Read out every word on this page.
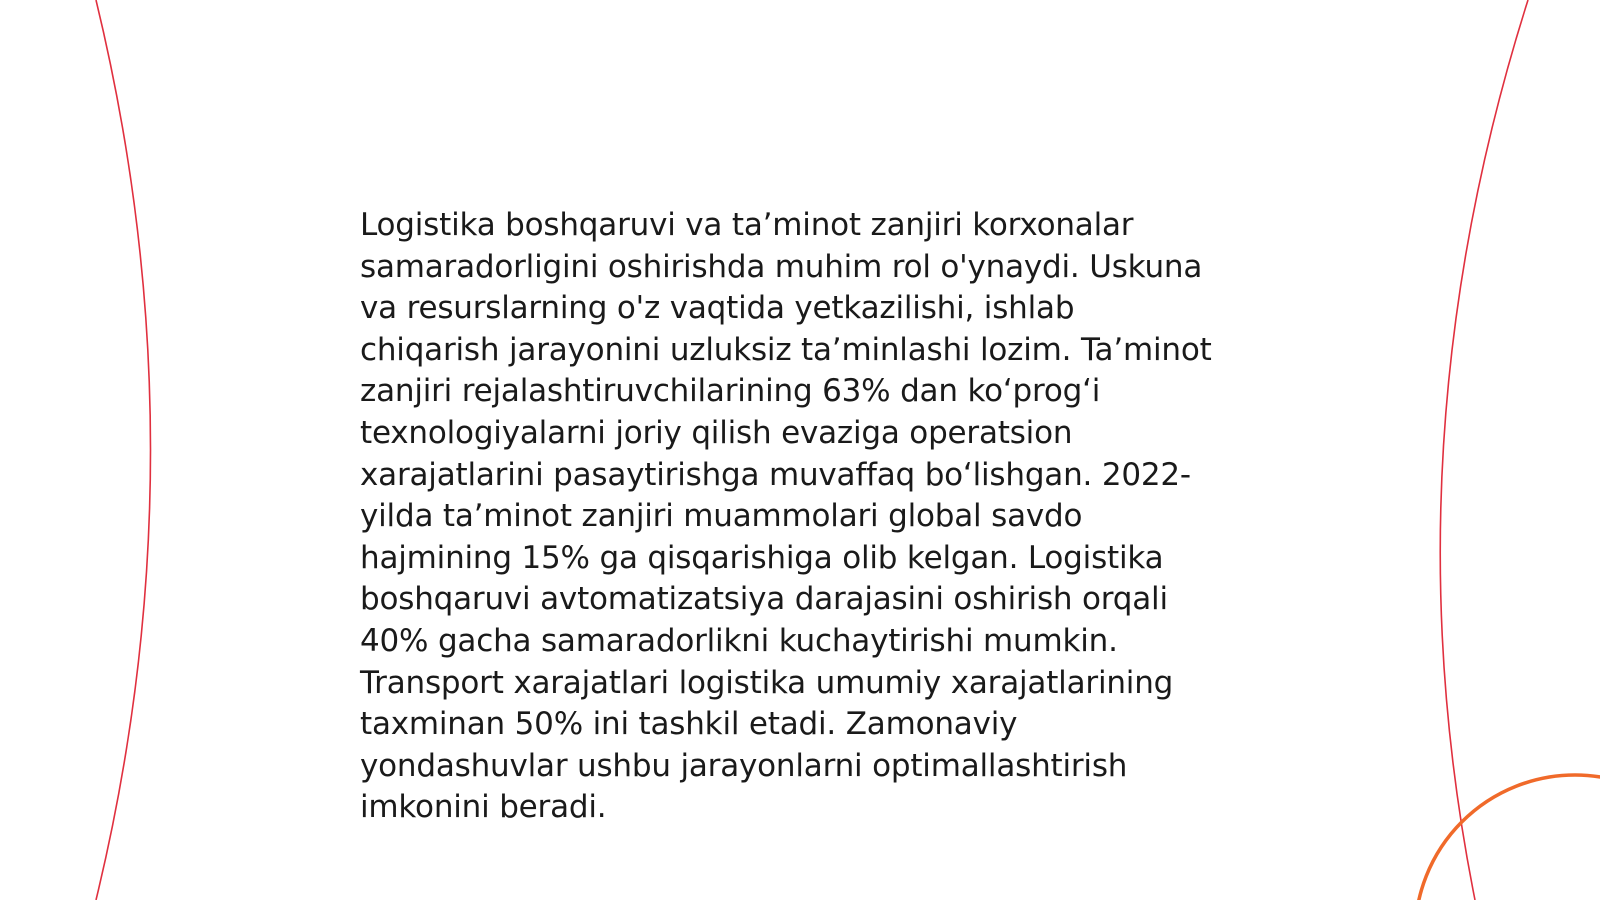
Logistika boshqaruvi va ta’minot zanjiri korxonalar samaradorligini oshirishda muhim rol o'ynaydi. Uskuna va resurslarning o'z vaqtida yetkazilishi, ishlab chiqarish jarayonini uzluksiz ta’minlashi lozim. Ta’minot zanjiri rejalashtiruvchilarining 63% dan ko‘prog‘i texnologiyalarni joriy qilish evaziga operatsion xarajatlarini pasaytirishga muvaffaq bo‘lishgan. 2022-yilda ta’minot zanjiri muammolari global savdo hajmining 15% ga qisqarishiga olib kelgan. Logistika boshqaruvi avtomatizatsiya darajasini oshirish orqali 40% gacha samaradorlikni kuchaytirishi mumkin. Transport xarajatlari logistika umumiy xarajatlarining taxminan 50% ini tashkil etadi. Zamonaviy yondashuvlar ushbu jarayonlarni optimallashtirish imkonini beradi.
